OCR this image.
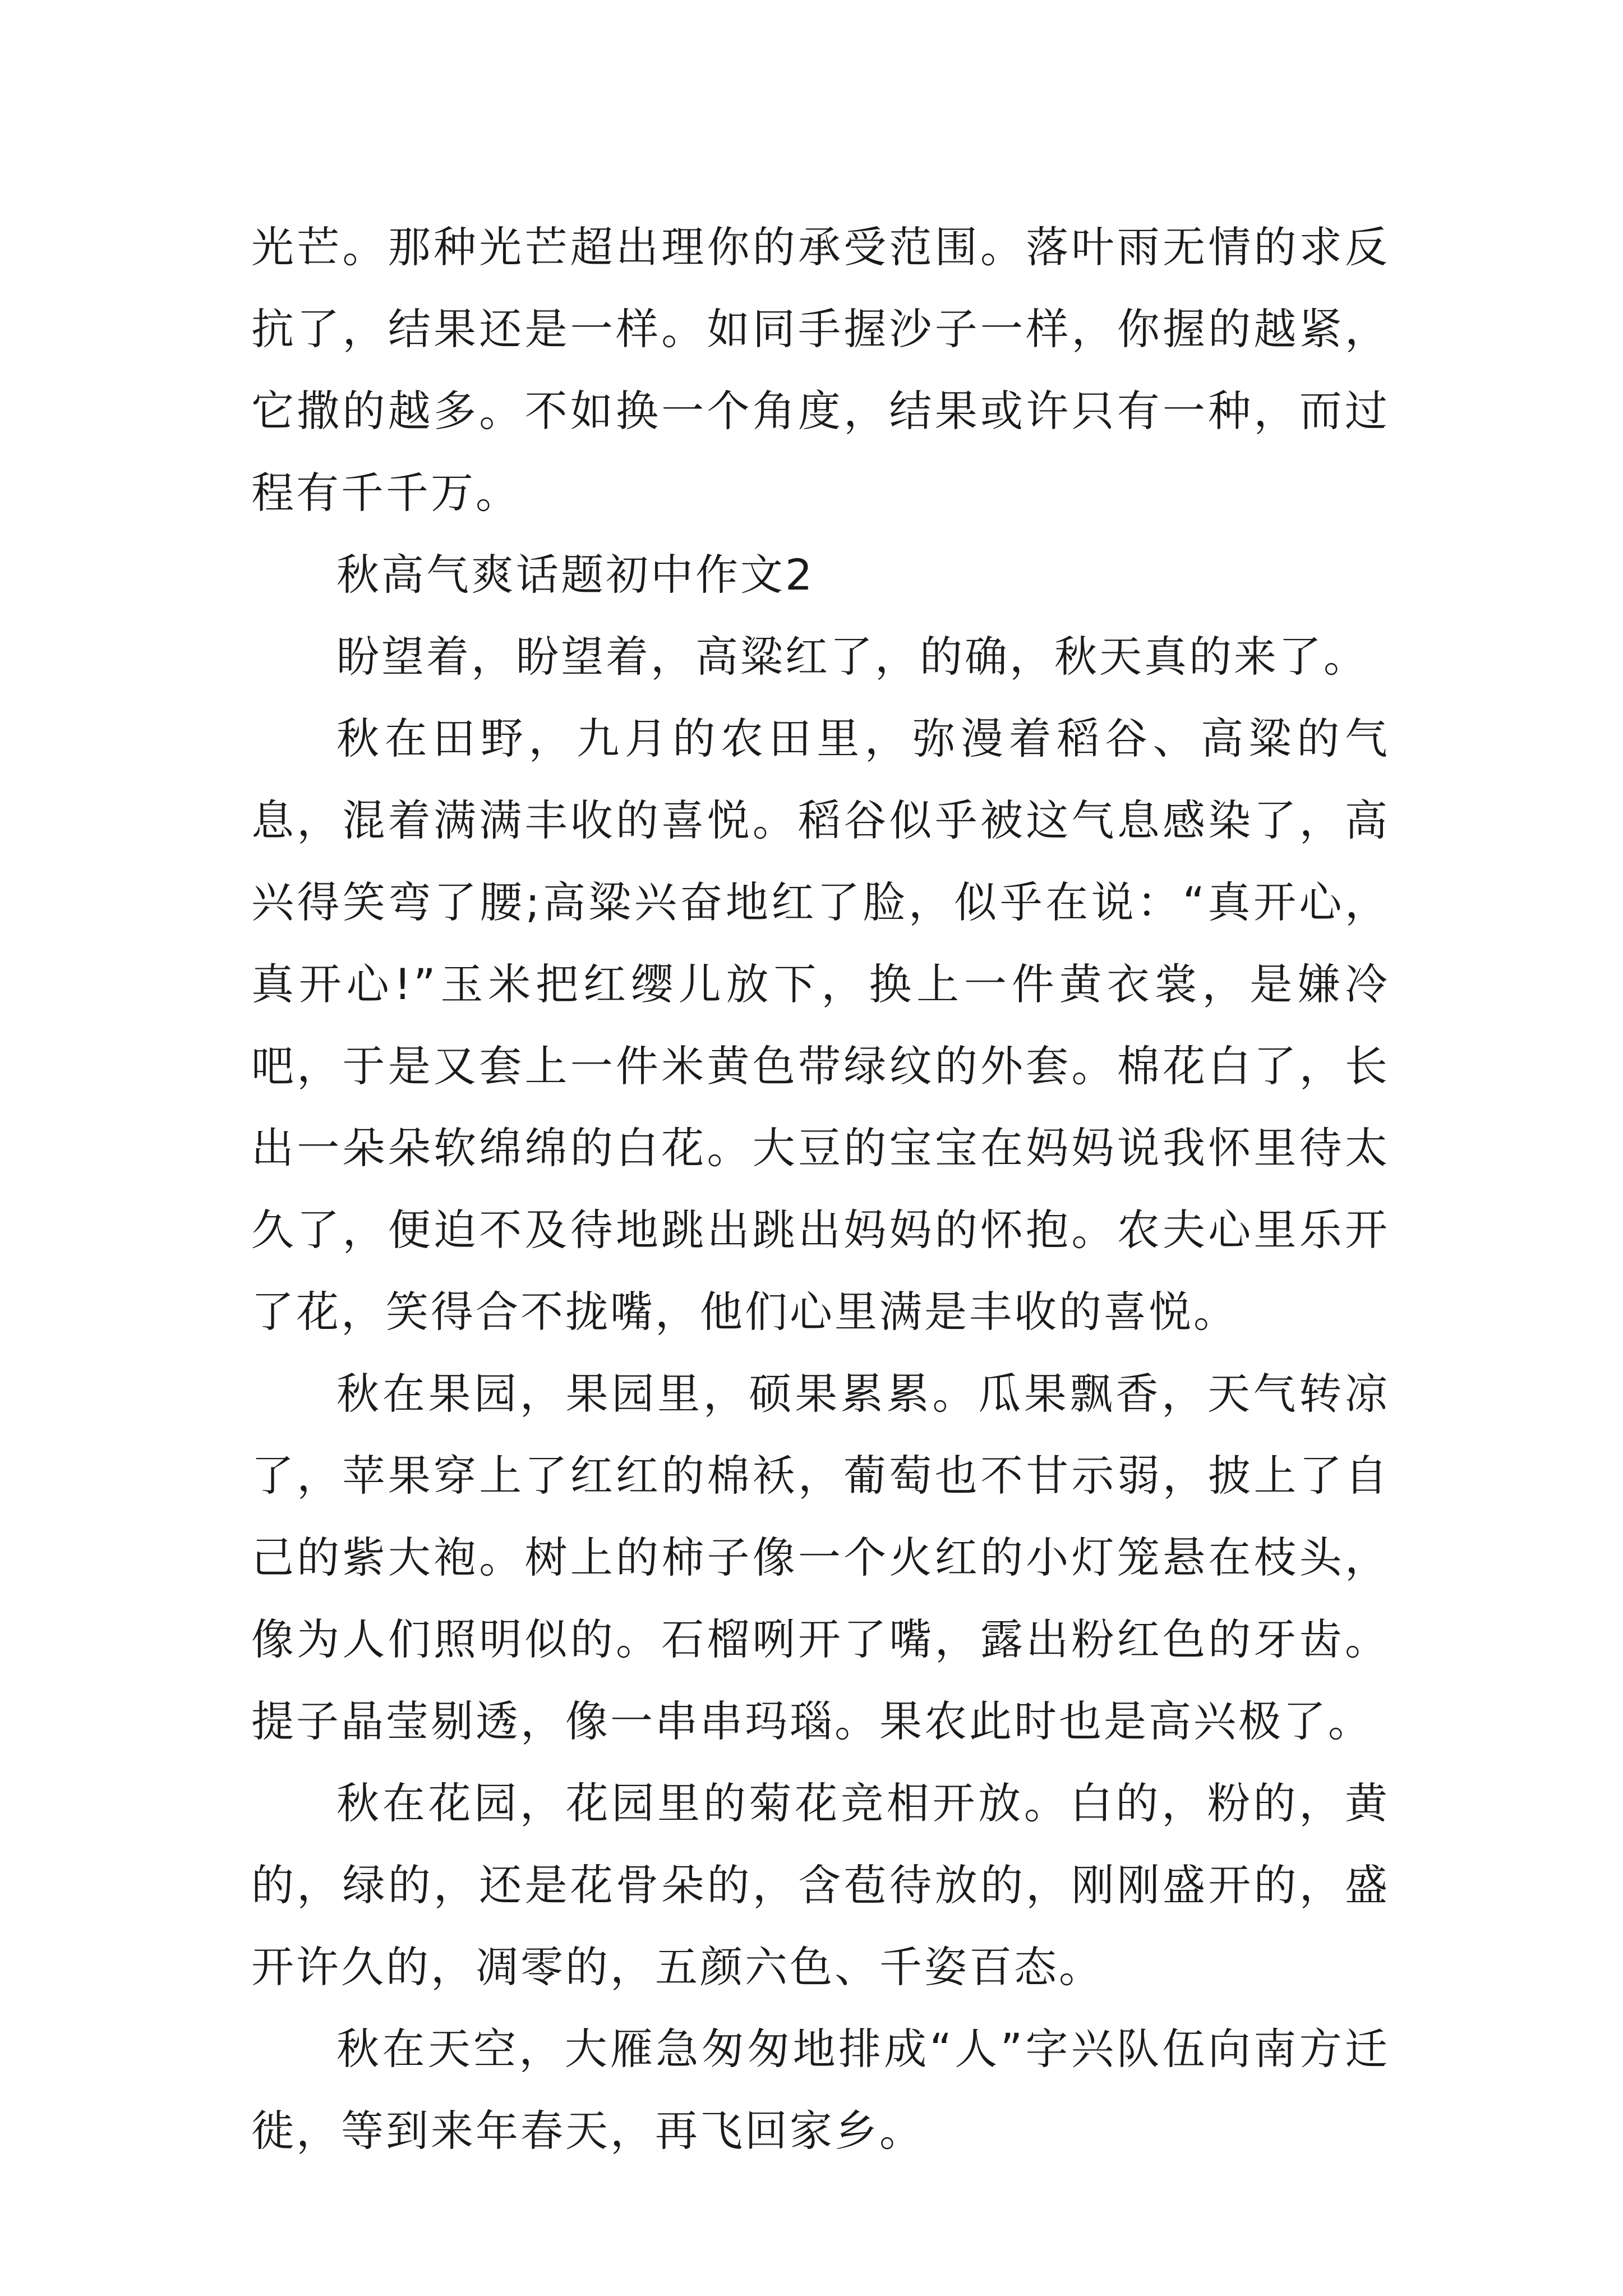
光芒。那种光芒超出理你的承受范围。落叶雨无情的求反抗了，结果还是一样。如同手握沙子一样，你握的越紧，它撒的越多。不如换一个角度，结果或许只有一种，而过程有千千万。

秋高气爽话题初中作文2

盼望着，盼望着，高粱红了，的确，秋天真的来了。

秋在田野，九月的农田里，弥漫着稻谷、高粱的气息，混着满满丰收的喜悦。稻谷似乎被这气息感染了，高兴得笑弯了腰;高粱兴奋地红了脸，似乎在说：“真开心，真开心!”玉米把红缨儿放下，换上一件黄衣裳，是嫌冷吧，于是又套上一件米黄色带绿纹的外套。棉花白了，长出一朵朵软绵绵的白花。大豆的宝宝在妈妈说我怀里待太久了，便迫不及待地跳出跳出妈妈的怀抱。农夫心里乐开了花，笑得合不拢嘴，他们心里满是丰收的喜悦。

秋在果园，果园里，硕果累累。瓜果飘香，天气转凉了，苹果穿上了红红的棉袄，葡萄也不甘示弱，披上了自己的紫大袍。树上的柿子像一个火红的小灯笼悬在枝头，像为人们照明似的。石榴咧开了嘴，露出粉红色的牙齿。提子晶莹剔透，像一串串玛瑙。果农此时也是高兴极了。

秋在花园，花园里的菊花竞相开放。白的，粉的，黄的，绿的，还是花骨朵的，含苞待放的，刚刚盛开的，盛开许久的，凋零的，五颜六色、千姿百态。

秋在天空，大雁急匆匆地排成“人”字兴队伍向南方迁徙，等到来年春天，再飞回家乡。
